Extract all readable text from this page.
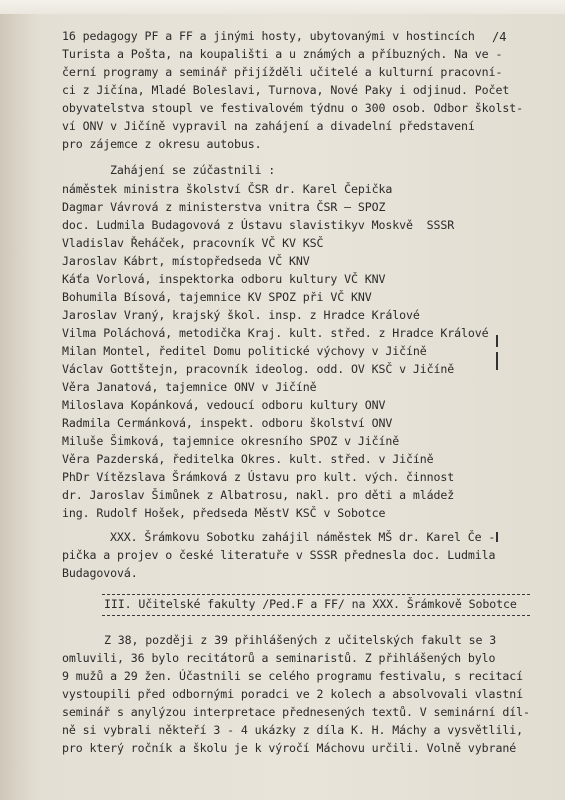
/4
16 pedagogy PF a FF a jinými hosty, ubytovanými v hostincích
Turista a Pošta, na koupališti a u známých a příbuzných. Na ve -
černí programy a seminář přijížděli učitelé a kulturní pracovní-
ci z Jičína, Mladé Boleslavi, Turnova, Nové Paky i odjinud. Počet
obyvatelstva stoupl ve festivalovém týdnu o 300 osob. Odbor školst-
ví ONV v Jičíně vypravil na zahájení a divadelní představení
pro zájemce z okresu autobus.
Zahájení se zúčastnili :
náměstek ministra školství ČSR dr. Karel Čepička
Dagmar Vávrová z ministerstva vnitra ČSR – SPOZ
doc. Ludmila Budagovová z Ústavu slavistikyv Moskvě  SSSR
Vladislav Řeháček, pracovník VČ KV KSČ
Jaroslav Kábrt, místopředseda VČ KNV
Káťa Vorlová, inspektorka odboru kultury VČ KNV
Bohumila Bísová, tajemnice KV SPOZ při VČ KNV
Jaroslav Vraný, krajský škol. insp. z Hradce Králové
Vilma Poláchová, metodička Kraj. kult. střed. z Hradce Králové
Milan Montel, ředitel Domu politické výchovy v Jičíně
Václav Gottštejn, pracovník ideolog. odd. OV KSČ v Jičíně
Věra Janatová, tajemnice ONV v Jičíně
Miloslava Kopánková, vedoucí odboru kultury ONV
Radmila Cermánková, inspekt. odboru školství ONV
Miluše Šimková, tajemnice okresního SPOZ v Jičíně
Věra Pazderská, ředitelka Okres. kult. střed. v Jičíně
PhDr Vítězslava Šrámková z Ústavu pro kult. vých. činnost
dr. Jaroslav Šimůnek z Albatrosu, nakl. pro děti a mládež
ing. Rudolf Hošek, předseda MěstV KSČ v Sobotce
XXX. Šrámkovu Sobotku zahájil náměstek MŠ dr. Karel Če -
pička a projev o české literatuře v SSSR přednesla doc. Ludmila
Budagovová.
III. Učitelské fakulty /Ped.F a FF/ na XXX. Šrámkově Sobotce
Z 38, později z 39 přihlášených z učitelských fakult se 3
omluvili, 36 bylo recitátorů a seminaristů. Z přihlášených bylo
9 mužů a 29 žen. Účastnili se celého programu festivalu, s recitací
vystoupili před odbornými poradci ve 2 kolech a absolvovali vlastní
seminář s anylýzou interpretace přednesených textů. V seminární díl-
ně si vybrali někteří 3 - 4 ukázky z díla K. H. Máchy a vysvětlili,
pro který ročník a školu je k výročí Máchovu určili. Volně vybrané
